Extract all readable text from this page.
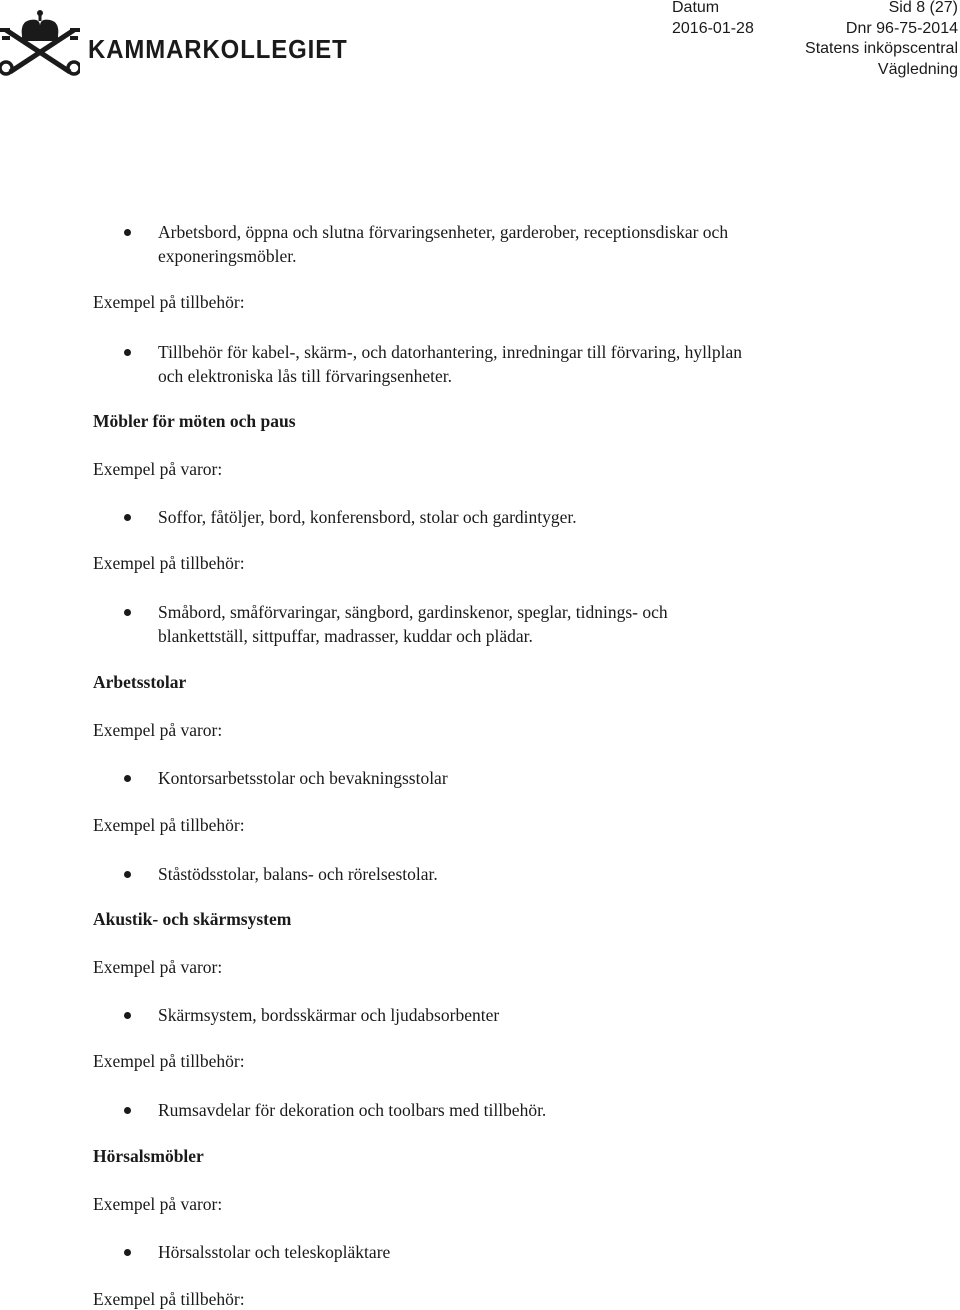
KAMMARKOLLEGIET
Datum
2016-01-28
Sid 8 (27)
Dnr 96-75-2014
Statens inköpscentral
Vägledning
Arbetsbord, öppna och slutna förvaringsenheter, garderober, receptionsdiskar och
exponeringsmöbler.
Exempel på tillbehör:
Tillbehör för kabel-, skärm-, och datorhantering, inredningar till förvaring, hyllplan
och elektroniska lås till förvaringsenheter.
Möbler för möten och paus
Exempel på varor:
Soffor, fåtöljer, bord, konferensbord, stolar och gardintyger.
Exempel på tillbehör:
Småbord, småförvaringar, sängbord, gardinskenor, speglar, tidnings- och
blankettställ, sittpuffar, madrasser, kuddar och plädar.
Arbetsstolar
Exempel på varor:
Kontorsarbetsstolar och bevakningsstolar
Exempel på tillbehör:
Ståstödsstolar, balans- och rörelsestolar.
Akustik- och skärmsystem
Exempel på varor:
Skärmsystem, bordsskärmar och ljudabsorbenter
Exempel på tillbehör:
Rumsavdelar för dekoration och toolbars med tillbehör.
Hörsalsmöbler
Exempel på varor:
Hörsalsstolar och teleskopläktare
Exempel på tillbehör:
